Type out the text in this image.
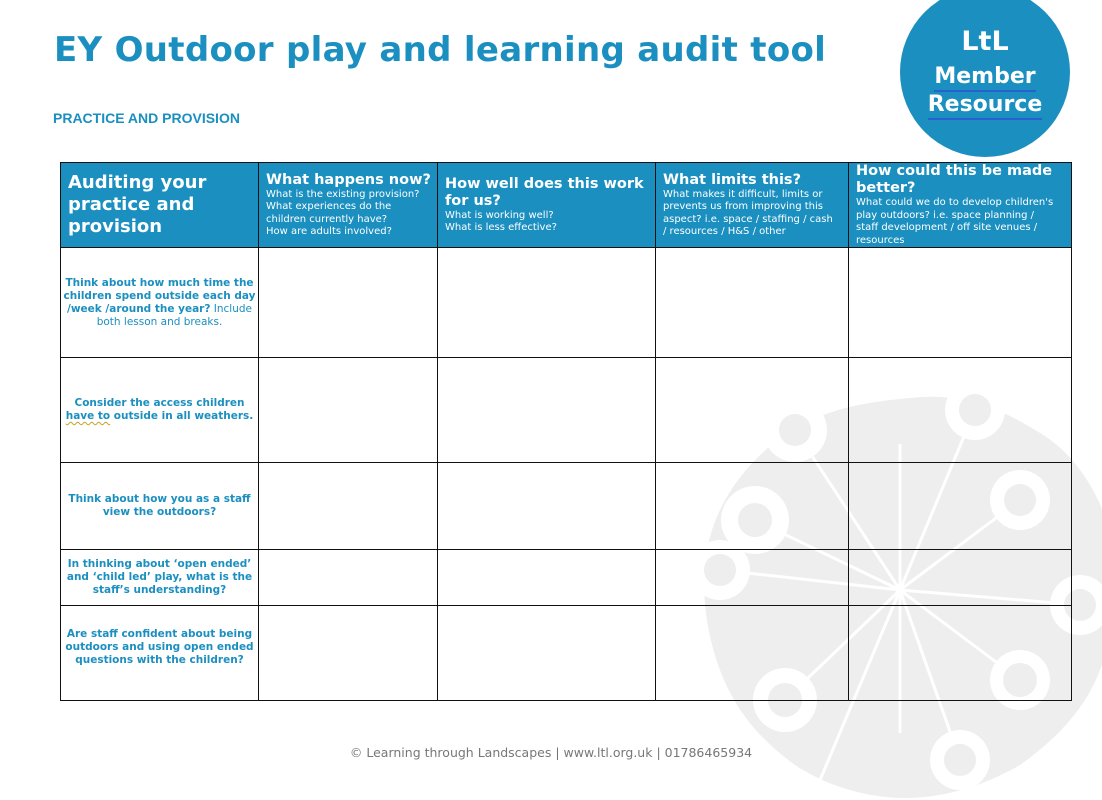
EY Outdoor play and learning audit tool
PRACTICE AND PROVISION
LtL
Member
Resource
Auditing your practice and provision	What happens now?
What is the existing provision?
What experiences do the
children currently have?
How are adults involved?	How well does this work for us?
What is working well?
What is less effective?	What limits this?
What makes it difficult, limits or
prevents us from improving this
aspect? i.e. space / staffing / cash
/ resources / H&S / other	How could this be made better?
What could we do to develop children's
play outdoors? i.e. space planning /
staff development / off site venues /
resources

Think about how much time the children spend outside each day /week /around the year? Include both lesson and breaks.				
Consider the access children have to outside in all weathers.				
Think about how you as a staff view the outdoors?				
In thinking about ‘open ended’ and ‘child led’ play, what is the staff’s understanding?				
Are staff confident about being outdoors and using open ended questions with the children?				
© Learning through Landscapes | www.ltl.org.uk | 01786465934
